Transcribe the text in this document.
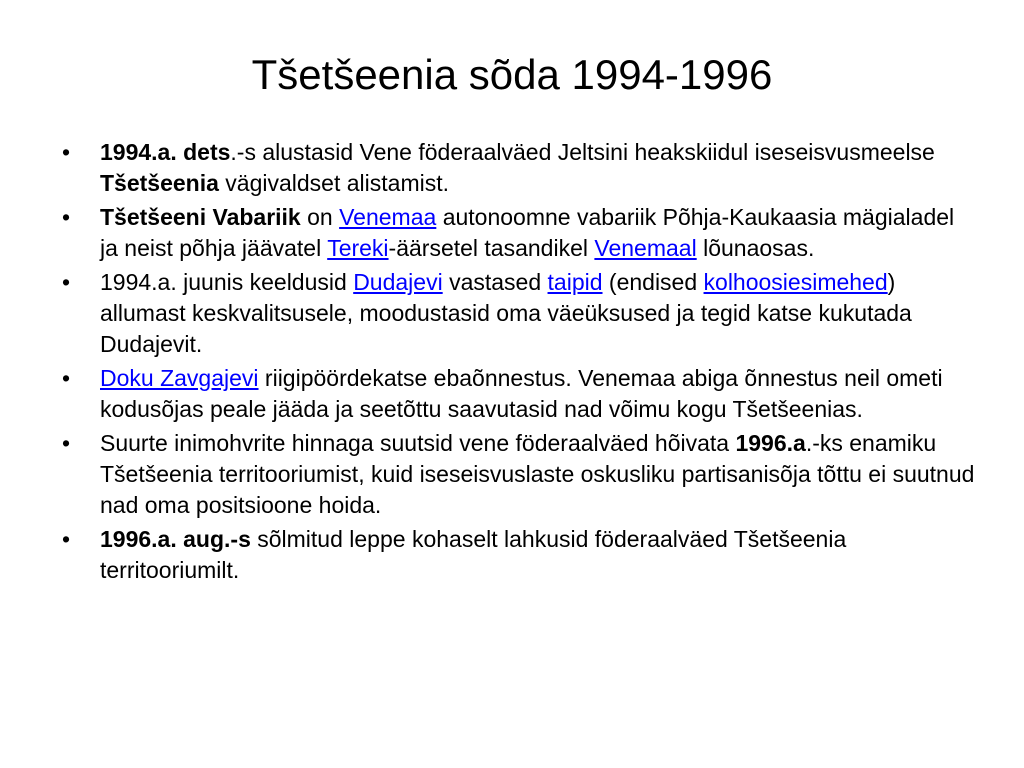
Tšetšeenia sõda 1994-1996
•	1994.a. dets.-s alustasid Vene föderaalväed Jeltsini heakskiidul iseseisvusmeelse Tšetšeenia vägivaldset alistamist.
•	Tšetšeeni Vabariik on Venemaa autonoomne vabariik Põhja-Kaukaasia mägialadel ja neist põhja jäävatel Tereki-äärsetel tasandikel Venemaal lõunaosas.
•	1994.a. juunis keeldusid Dudajevi vastased taipid (endised kolhoosiesimehed) allumast keskvalitsusele, moodustasid oma väeüksused ja tegid katse kukutada Dudajevit.
•	Doku Zavgajevi riigipöördekatse ebaõnnestus. Venemaa abiga õnnestus neil ometi kodusõjas peale jääda ja seetõttu saavutasid nad võimu kogu Tšetšeenias.
•	Suurte inimohvrite hinnaga suutsid vene föderaalväed hõivata 1996.a.-ks enamiku Tšetšeenia territooriumist, kuid iseseisvuslaste oskusliku partisanisõja tõttu ei suutnud nad oma positsioone hoida.
•	1996.a. aug.-s sõlmitud leppe kohaselt lahkusid föderaalväed Tšetšeenia territooriumilt.
